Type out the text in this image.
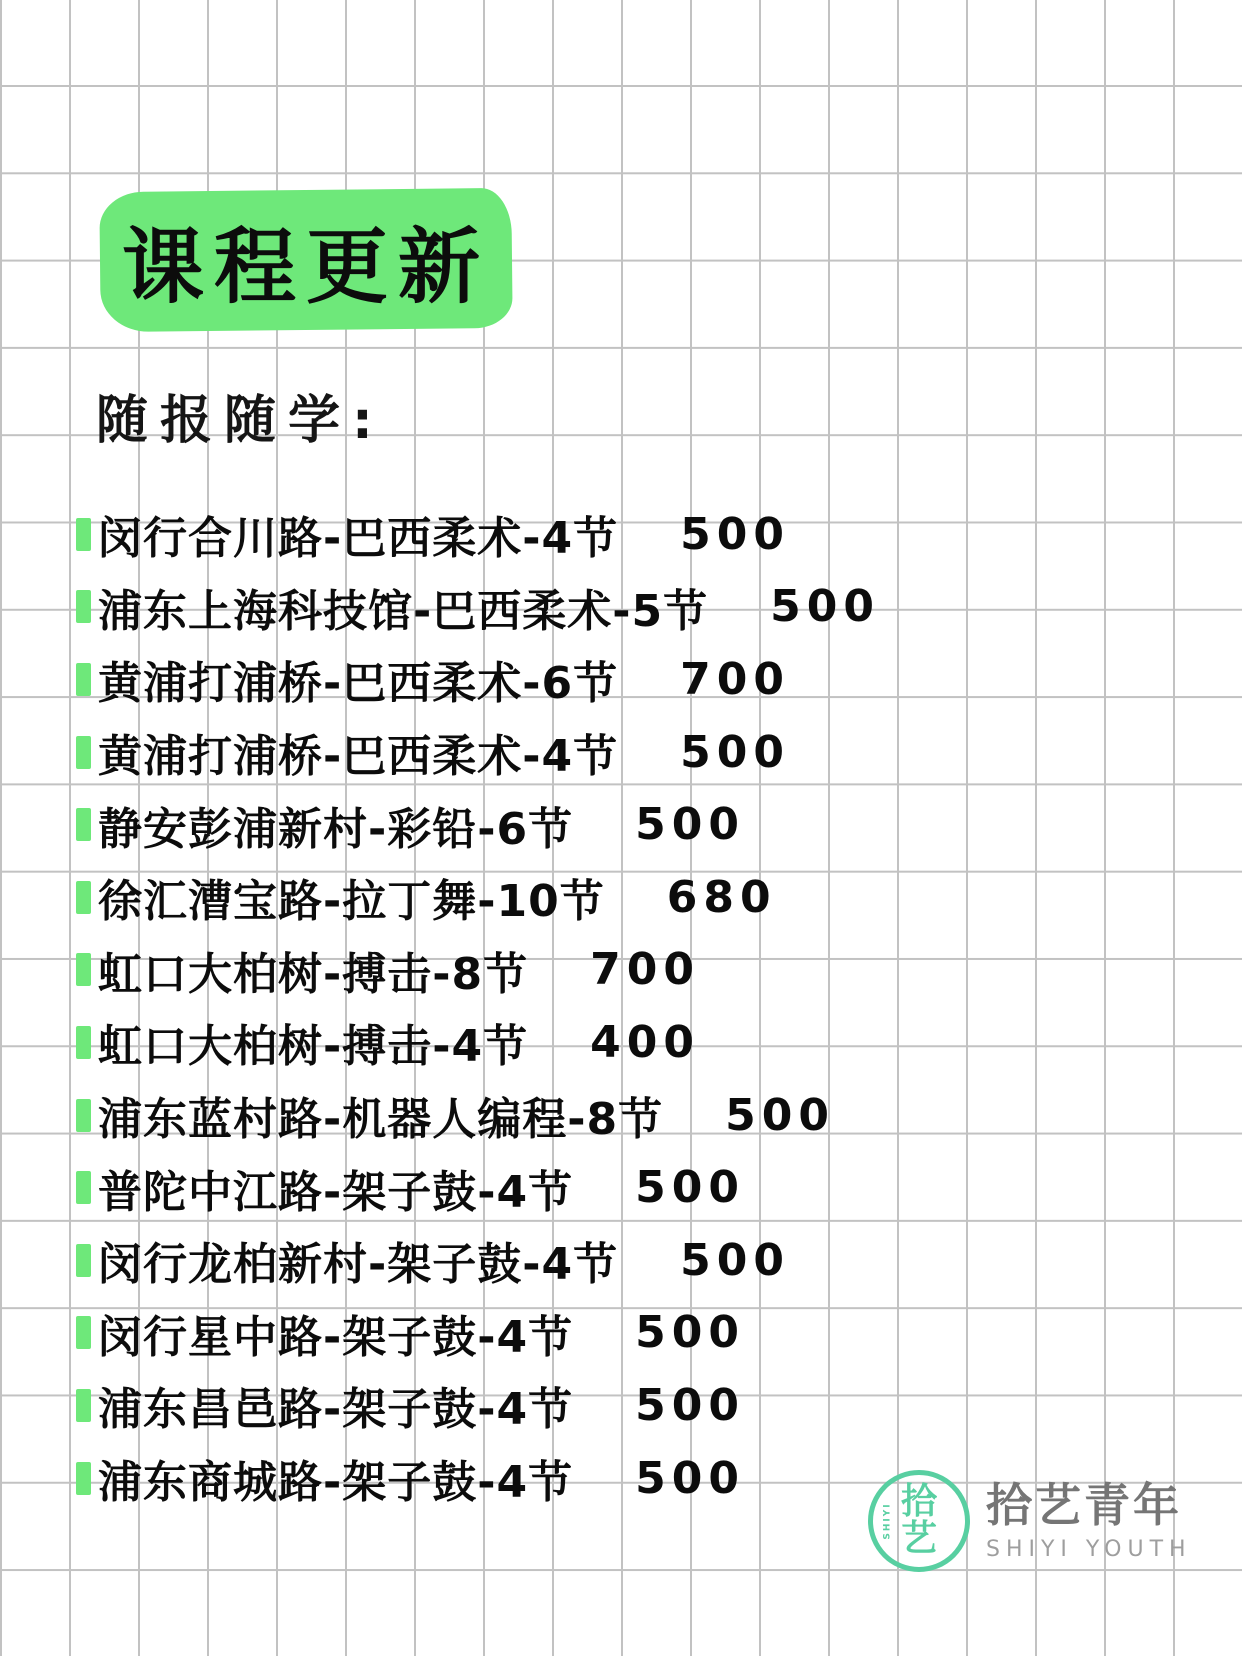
课程更新
随报随学:
闵行合川路-巴西柔术-4节 500
浦东上海科技馆-巴西柔术-5节 500
黄浦打浦桥-巴西柔术-6节 700
黄浦打浦桥-巴西柔术-4节 500
静安彭浦新村-彩铅-6节 500
徐汇漕宝路-拉丁舞-10节 680
虹口大柏树-搏击-8节 700
虹口大柏树-搏击-4节 400
浦东蓝村路-机器人编程-8节 500
普陀中江路-架子鼓-4节 500
闵行龙柏新村-架子鼓-4节 500
闵行星中路-架子鼓-4节 500
浦东昌邑路-架子鼓-4节 500
浦东商城路-架子鼓-4节 500
SHIYI 拾
艺
拾艺青年
SHIYI YOUTH
